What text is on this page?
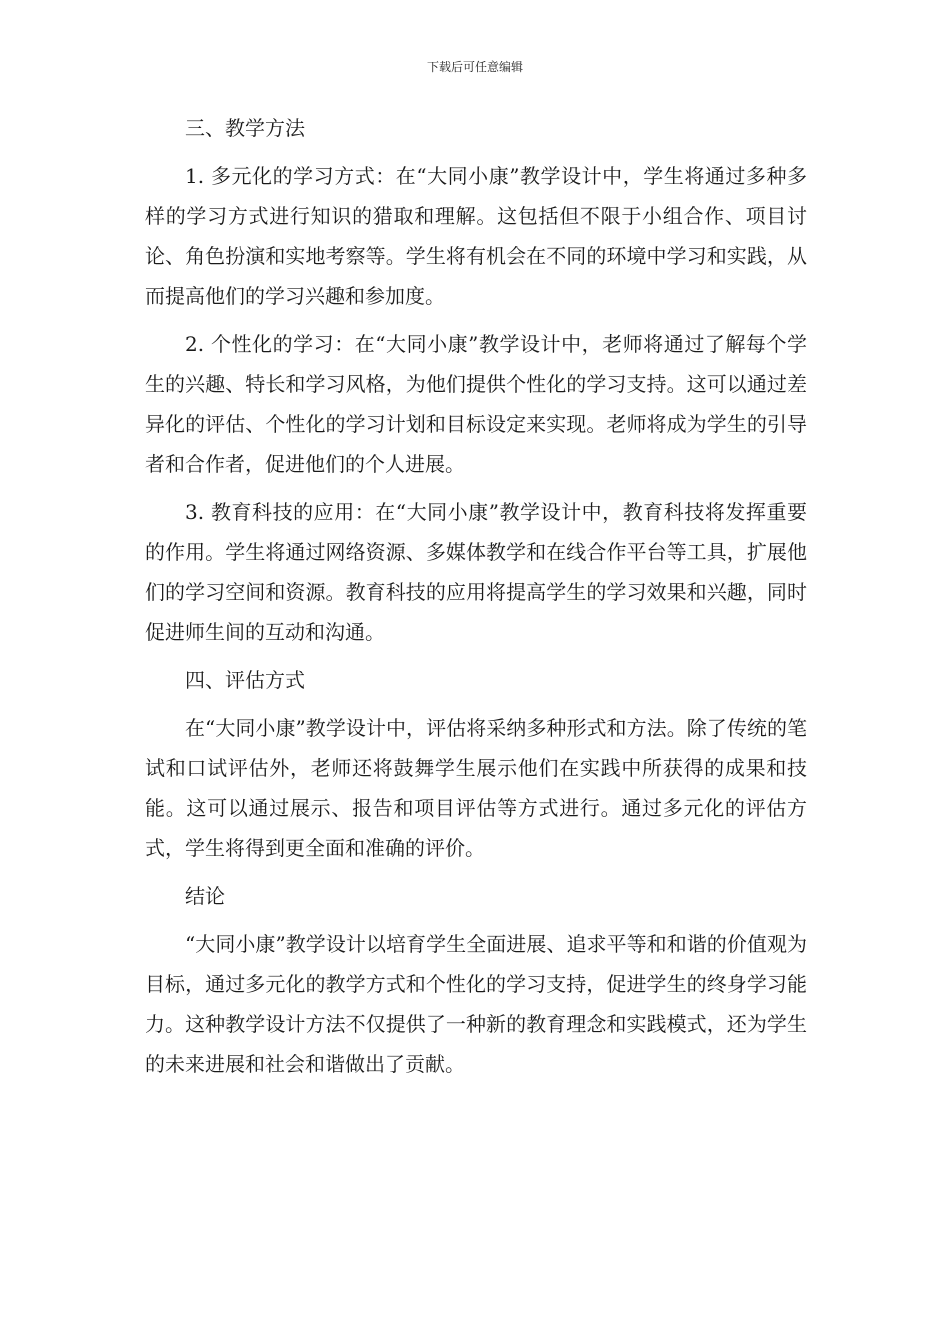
下载后可任意编辑

三、教学方法

1. 多元化的学习方式：在“大同小康”教学设计中，学生将通过多种多样的学习方式进行知识的猎取和理解。这包括但不限于小组合作、项目讨论、角色扮演和实地考察等。学生将有机会在不同的环境中学习和实践，从而提高他们的学习兴趣和参加度。

2. 个性化的学习：在“大同小康”教学设计中，老师将通过了解每个学生的兴趣、特长和学习风格，为他们提供个性化的学习支持。这可以通过差异化的评估、个性化的学习计划和目标设定来实现。老师将成为学生的引导者和合作者，促进他们的个人进展。

3. 教育科技的应用：在“大同小康”教学设计中，教育科技将发挥重要的作用。学生将通过网络资源、多媒体教学和在线合作平台等工具，扩展他们的学习空间和资源。教育科技的应用将提高学生的学习效果和兴趣，同时促进师生间的互动和沟通。

四、评估方式

在“大同小康”教学设计中，评估将采纳多种形式和方法。除了传统的笔试和口试评估外，老师还将鼓舞学生展示他们在实践中所获得的成果和技能。这可以通过展示、报告和项目评估等方式进行。通过多元化的评估方式，学生将得到更全面和准确的评价。

结论

“大同小康”教学设计以培育学生全面进展、追求平等和和谐的价值观为目标，通过多元化的教学方式和个性化的学习支持，促进学生的终身学习能力。这种教学设计方法不仅提供了一种新的教育理念和实践模式，还为学生的未来进展和社会和谐做出了贡献。
